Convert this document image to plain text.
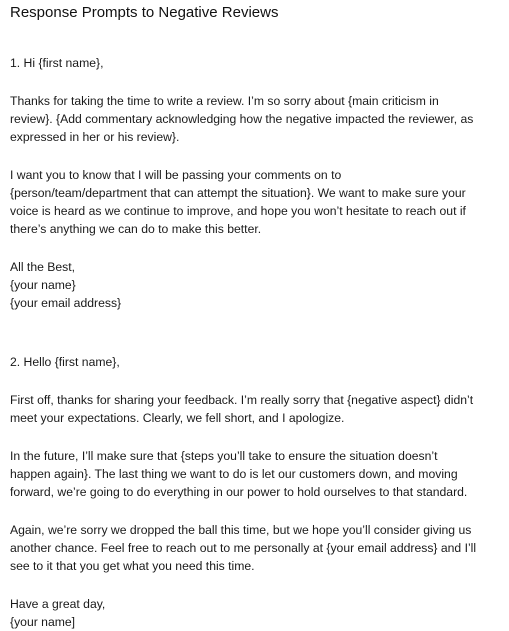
Response Prompts to Negative Reviews

1. Hi {first name},

Thanks for taking the time to write a review. I’m so sorry about {main criticism in
review}. {Add commentary acknowledging how the negative impacted the reviewer, as
expressed in her or his review}.

I want you to know that I will be passing your comments on to
{person/team/department that can attempt the situation}. We want to make sure your
voice is heard as we continue to improve, and hope you won’t hesitate to reach out if
there’s anything we can do to make this better.

All the Best,
{your name}
{your email address}

2. Hello {first name},

First off, thanks for sharing your feedback. I’m really sorry that {negative aspect} didn’t
meet your expectations. Clearly, we fell short, and I apologize.

In the future, I’ll make sure that {steps you’ll take to ensure the situation doesn’t
happen again}. The last thing we want to do is let our customers down, and moving
forward, we’re going to do everything in our power to hold ourselves to that standard.

Again, we’re sorry we dropped the ball this time, but we hope you’ll consider giving us
another chance. Feel free to reach out to me personally at {your email address} and I’ll
see to it that you get what you need this time.

Have a great day,
{your name]
